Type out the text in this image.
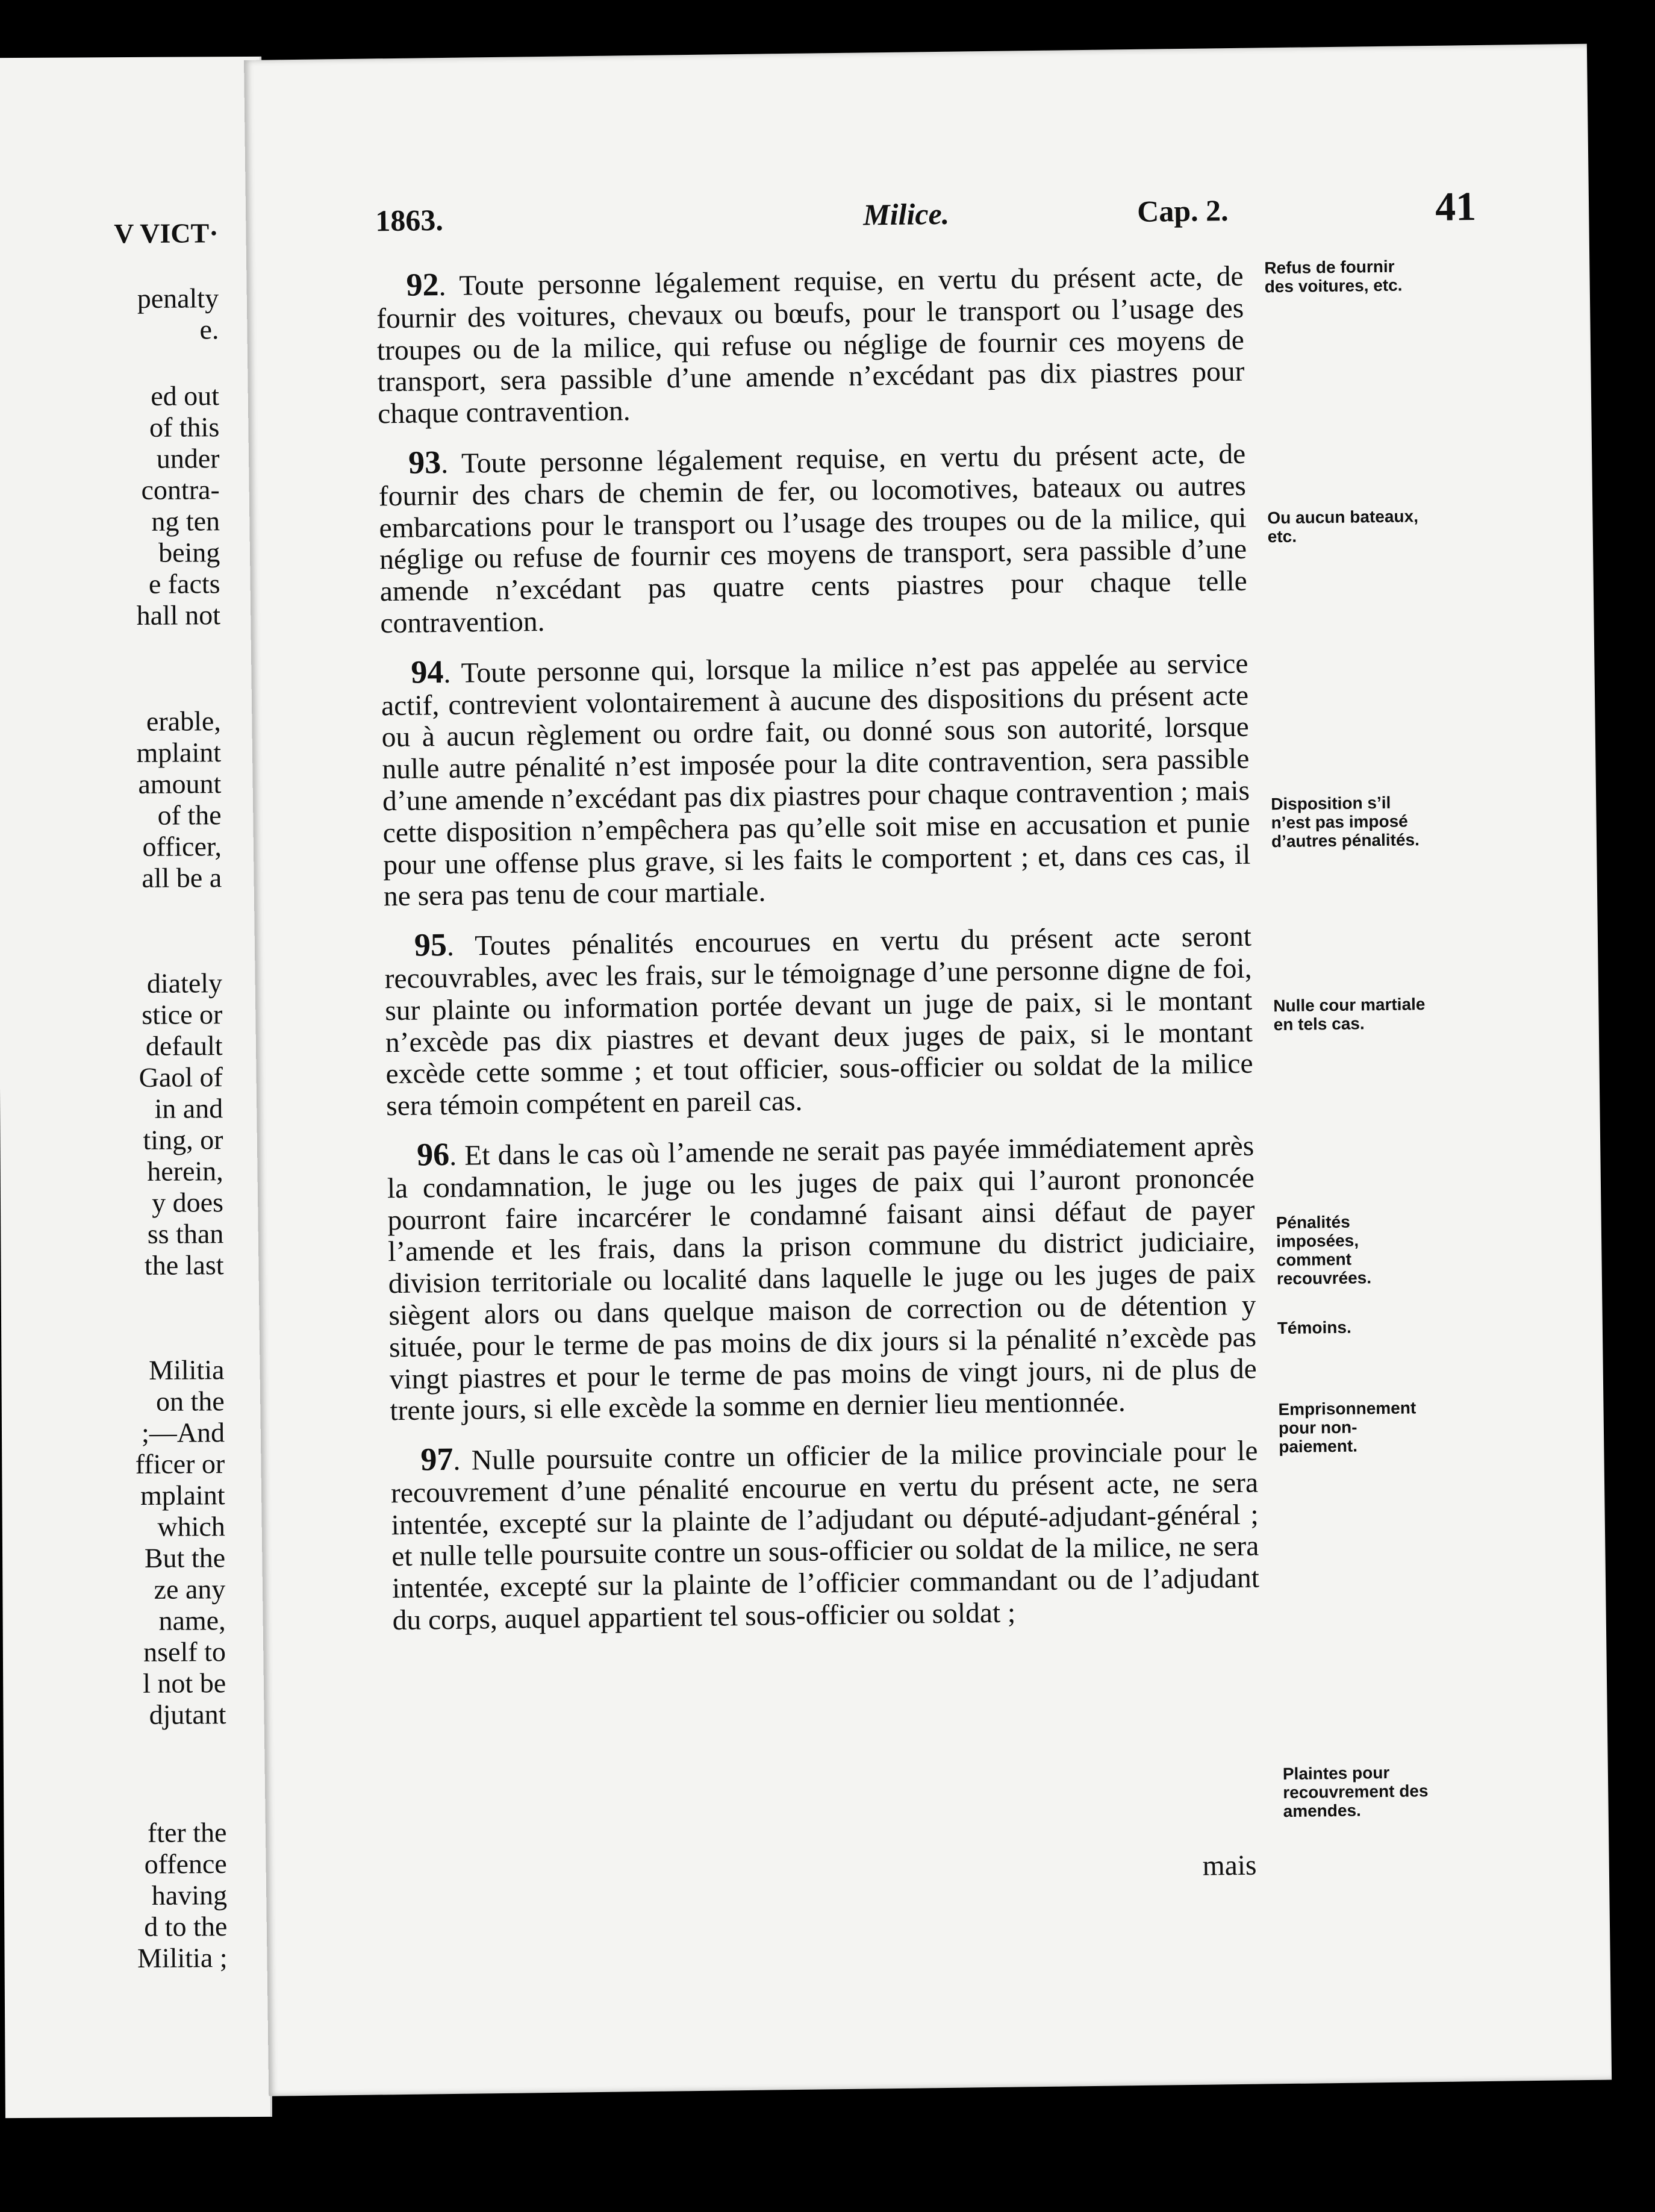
V VICT·
penalty
e.
ed out
of this
under
contra-
ng ten
being
e facts
hall not
erable,
mplaint
amount
of the
officer,
all be a
diately
stice or
default
Gaol of
in and
ting, or
herein,
y does
ss than
the last
Militia
on the
;—And
fficer or
mplaint
which
But the
ze any
name,
nself to
l not be
djutant
fter the
offence
having
d to the
Militia ;
1863.	Milice.	Cap. 2.	41

92. Toute personne légalement requise, en vertu du présent acte, de fournir des voitures, chevaux ou bœufs, pour le transport ou l’usage des troupes ou de la milice, qui refuse ou néglige de fournir ces moyens de transport, sera passible d’une amende n’excédant pas dix piastres pour chaque contravention.

93. Toute personne légalement requise, en vertu du présent acte, de fournir des chars de chemin de fer, ou locomotives, bateaux ou autres embarcations pour le transport ou l’usage des troupes ou de la milice, qui néglige ou refuse de fournir ces moyens de transport, sera passible d’une amende n’excédant pas quatre cents piastres pour chaque telle contravention.

94. Toute personne qui, lorsque la milice n’est pas appelée au service actif, contrevient volontairement à aucune des dispositions du présent acte ou à aucun règlement ou ordre fait, ou donné sous son autorité, lorsque nulle autre pénalité n’est imposée pour la dite contravention, sera passible d’une amende n’excédant pas dix piastres pour chaque contravention ; mais cette disposition n’empêchera pas qu’elle soit mise en accusation et punie pour une offense plus grave, si les faits le comportent ; et, dans ces cas, il ne sera pas tenu de cour martiale.

95. Toutes pénalités encourues en vertu du présent acte seront recouvrables, avec les frais, sur le témoignage d’une personne digne de foi, sur plainte ou information portée devant un juge de paix, si le montant n’excède pas dix piastres et devant deux juges de paix, si le montant excède cette somme ; et tout officier, sous-officier ou soldat de la milice sera témoin compétent en pareil cas.

96. Et dans le cas où l’amende ne serait pas payée immédiatement après la condamnation, le juge ou les juges de paix qui l’auront prononcée pourront faire incarcérer le condamné faisant ainsi défaut de payer l’amende et les frais, dans la prison commune du district judiciaire, division territoriale ou localité dans laquelle le juge ou les juges de paix siègent alors ou dans quelque maison de correction ou de détention y située, pour le terme de pas moins de dix jours si la pénalité n’excède pas vingt piastres et pour le terme de pas moins de vingt jours, ni de plus de trente jours, si elle excède la somme en dernier lieu mentionnée.

97. Nulle poursuite contre un officier de la milice provinciale pour le recouvrement d’une pénalité encourue en vertu du présent acte, ne sera intentée, excepté sur la plainte de l’adjudant ou député-adjudant-général ; et nulle telle poursuite contre un sous-officier ou soldat de la milice, ne sera intentée, excepté sur la plainte de l’officier commandant ou de l’adjudant du corps, auquel appartient tel sous-officier ou soldat ;

Refus de fournir des voitures, etc.
Ou aucun bateaux, etc.
Disposition s’il n’est pas imposé d’autres pénalités.
Nulle cour martiale en tels cas.
Pénalités imposées, comment recouvrées.
Témoins.
Emprisonnement pour non-paiement.
Plaintes pour recouvrement des amendes.
mais
